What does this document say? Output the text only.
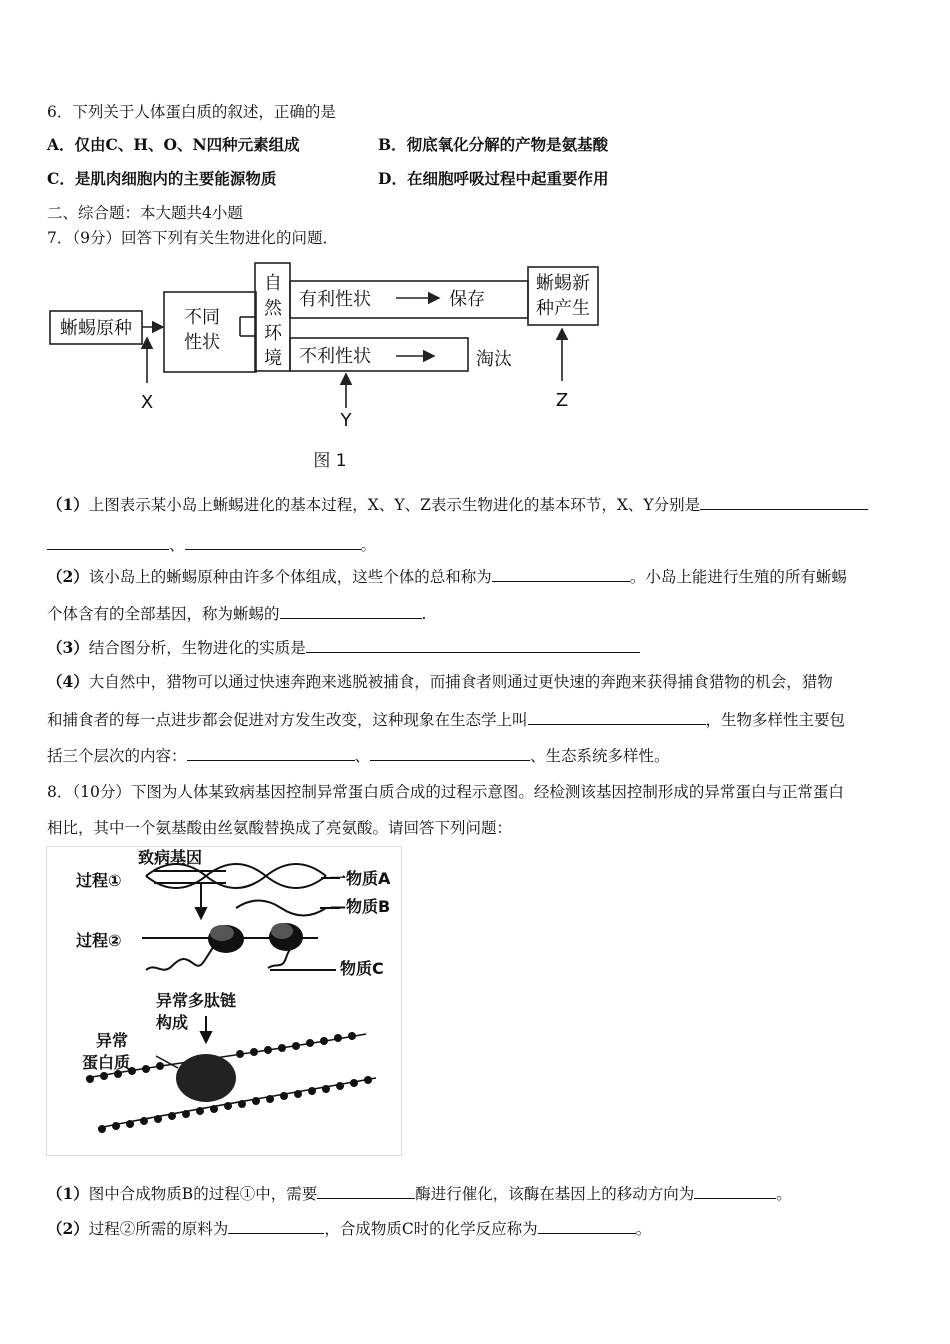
6．下列关于人体蛋白质的叙述，正确的是
A．仅由C、H、O、N四种元素组成	B．彻底氧化分解的产物是氨基酸
C．是肌肉细胞内的主要能源物质	D．在细胞呼吸过程中起重要作用
二、综合题：本大题共4小题
7．（9分）回答下列有关生物进化的问题．
蜥蜴原种
不同
性状
自
然
环
境
有利性状	保存
蜥蜴新
种产生
不利性状	淘汰
X
Y
Z
图 1
（1）上图表示某小岛上蜥蜴进化的基本过程，X、Y、Z表示生物进化的基本环节，X、Y分别是
、	。
（2）该小岛上的蜥蜴原种由许多个体组成，这些个体的总和称为	。小岛上能进行生殖的所有蜥蜴
个体含有的全部基因，称为蜥蜴的	.
（3）结合图分析，生物进化的实质是
（4）大自然中，猎物可以通过快速奔跑来逃脱被捕食，而捕食者则通过更快速的奔跑来获得捕食猎物的机会，猎物
和捕食者的每一点进步都会促进对方发生改变，这种现象在生态学上叫	，生物多样性主要包
括三个层次的内容：	、	、生态系统多样性。
8．（10分）下图为人体某致病基因控制异常蛋白质合成的过程示意图。经检测该基因控制形成的异常蛋白与正常蛋白
相比，其中一个氨基酸由丝氨酸替换成了亮氨酸。请回答下列问题：
致病基因
过程①	一物质A
—物质B
过程②
物质C
异常多肽链
构成
异常
蛋白质
（1）图中合成物质B的过程①中，需要	酶进行催化，该酶在基因上的移动方向为	。
（2）过程②所需的原料为	，合成物质C时的化学反应称为	。
